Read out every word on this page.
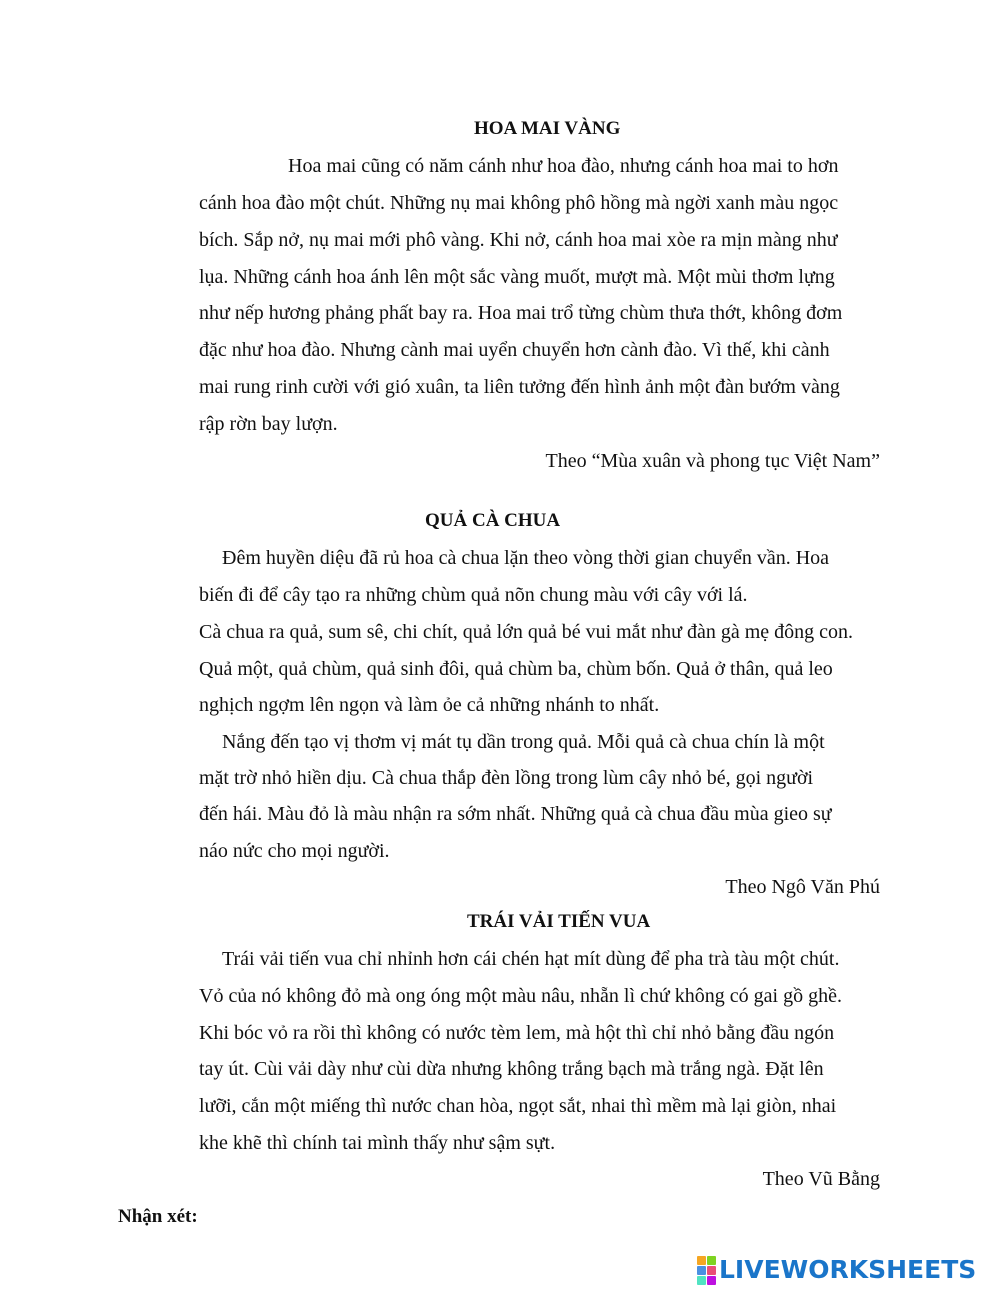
HOA MAI VÀNG
Hoa mai cũng có năm cánh như hoa đào, nhưng cánh hoa mai to hơn
cánh hoa đào một chút. Những nụ mai không phô hồng mà ngời xanh màu ngọc
bích. Sắp nở, nụ mai mới phô vàng. Khi nở, cánh hoa mai xòe ra mịn màng như
lụa. Những cánh hoa ánh lên một sắc vàng muốt, mượt mà. Một mùi thơm lựng
như nếp hương phảng phất bay ra. Hoa mai trổ từng chùm thưa thớt, không đơm
đặc như hoa đào. Nhưng cành mai uyển chuyển hơn cành đào. Vì thế, khi cành
mai rung rinh cười với gió xuân, ta liên tưởng đến hình ảnh một đàn bướm vàng
rập rờn bay lượn.
Theo “Mùa xuân và phong tục Việt Nam”
QUẢ CÀ CHUA
Đêm huyền diệu đã rủ hoa cà chua lặn theo vòng thời gian chuyển vần. Hoa
biến đi để cây tạo ra những chùm quả nõn chung màu với cây với lá.
Cà chua ra quả, sum sê, chi chít, quả lớn quả bé vui mắt như đàn gà mẹ đông con.
Quả một, quả chùm, quả sinh đôi, quả chùm ba, chùm bốn. Quả ở thân, quả leo
nghịch ngợm lên ngọn và làm ỏe cả những nhánh to nhất.
Nắng đến tạo vị thơm vị mát tụ dần trong quả. Mỗi quả cà chua chín là một
mặt trờ nhỏ hiền dịu. Cà chua thắp đèn lồng trong lùm cây nhỏ bé, gọi người
đến hái. Màu đỏ là màu nhận ra sớm nhất. Những quả cà chua đầu mùa gieo sự
náo nức cho mọi người.
Theo Ngô Văn Phú
TRÁI VẢI TIẾN VUA
Trái vải tiến vua chỉ nhỉnh hơn cái chén hạt mít dùng để pha trà tàu một chút.
Vỏ của nó không đỏ mà ong óng một màu nâu, nhẵn lì chứ không có gai gồ ghề.
Khi bóc vỏ ra rồi thì không có nước tèm lem, mà hột thì chỉ nhỏ bằng đầu ngón
tay út. Cùi vải dày như cùi dừa nhưng không trắng bạch mà trắng ngà. Đặt lên
lưỡi, cắn một miếng thì nước chan hòa, ngọt sắt, nhai thì mềm mà lại giòn, nhai
khe khẽ thì chính tai mình thấy như sậm sựt.
Theo Vũ Bằng
Nhận xét:
LIVEWORKSHEETS
